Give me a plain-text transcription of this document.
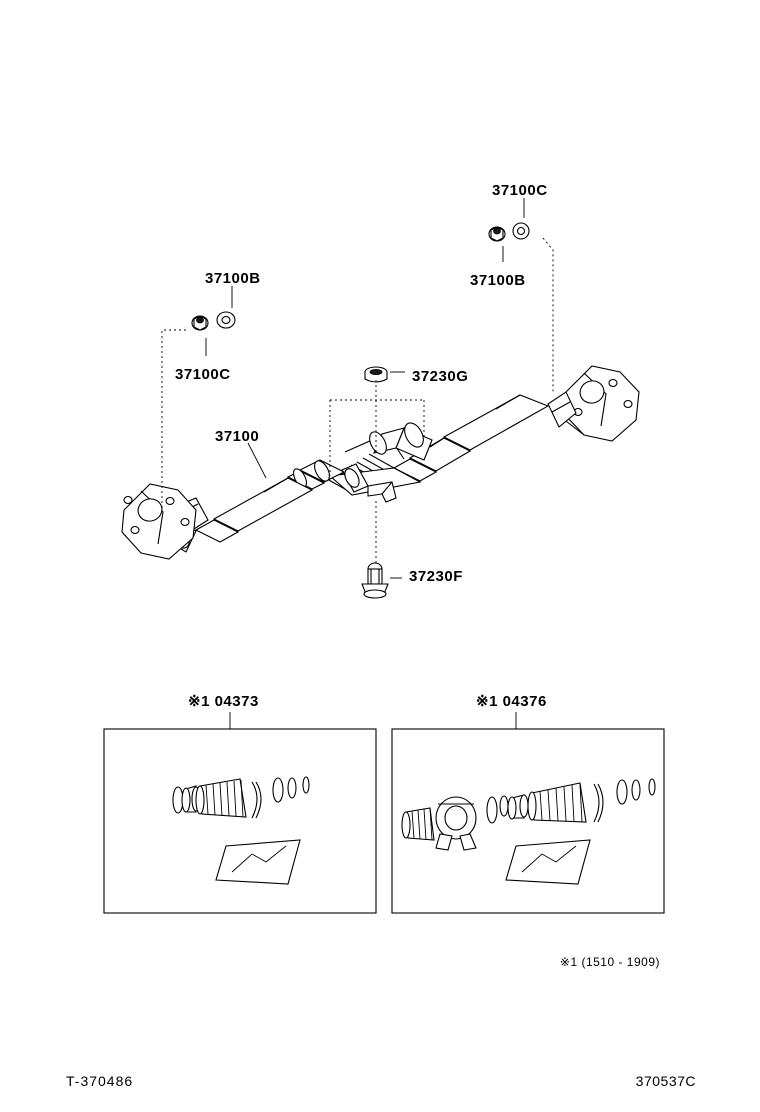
37100C
37100B
37100B
37100C	37230G
37100
37230F
※1 04373	※1 04376
※1 (1510 - 1909)
T-370486	370537C
